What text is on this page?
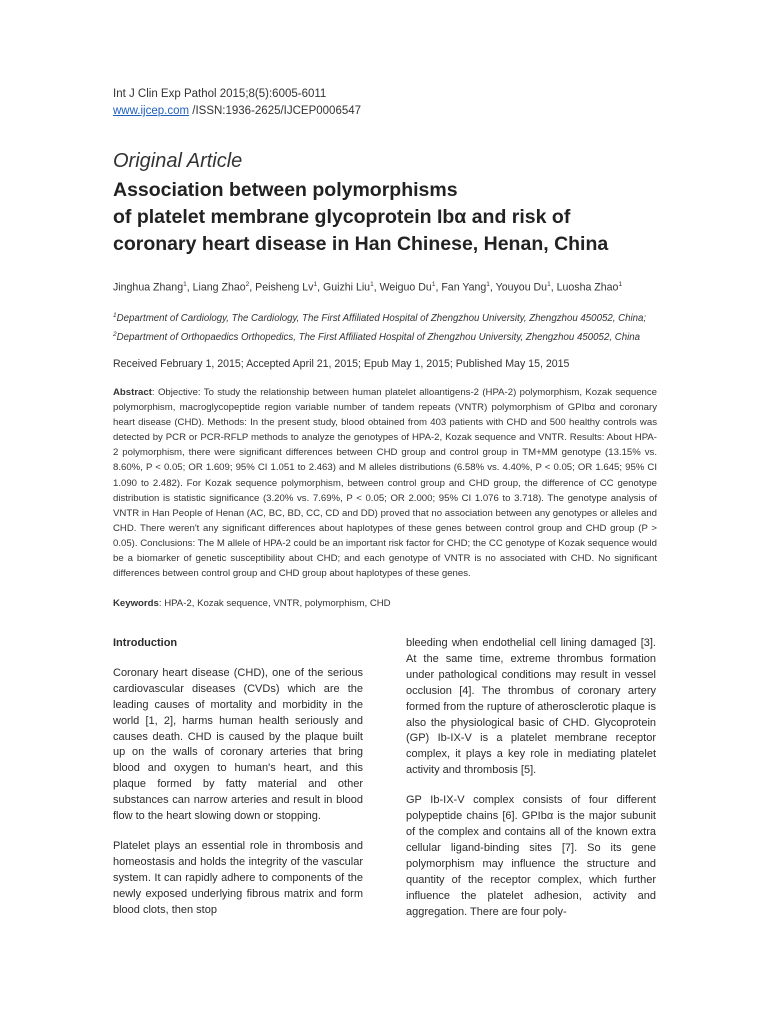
Int J Clin Exp Pathol 2015;8(5):6005-6011
www.ijcep.com /ISSN:1936-2625/IJCEP0006547
Original Article
Association between polymorphisms
of platelet membrane glycoprotein Ibα and risk of
coronary heart disease in Han Chinese, Henan, China
Jinghua Zhang$^1$, Liang Zhao$^2$, Peisheng Lv$^1$, Guizhi Liu$^1$, Weiguo Du$^1$, Fan Yang$^1$, Youyou Du$^1$, Luosha Zhao$^1$
$^1$Department of Cardiology, The Cardiology, The First Affiliated Hospital of Zhengzhou University, Zhengzhou 450052, China; $^2$Department of Orthopaedics Orthopedics, The First Affiliated Hospital of Zhengzhou University, Zhengzhou 450052, China
Received February 1, 2015; Accepted April 21, 2015; Epub May 1, 2015; Published May 15, 2015
Abstract: Objective: To study the relationship between human platelet alloantigens-2 (HPA-2) polymorphism, Kozak sequence polymorphism, macroglycopeptide region variable number of tandem repeats (VNTR) polymorphism of GPIbα and coronary heart disease (CHD). Methods: In the present study, blood obtained from 403 patients with CHD and 500 healthy controls was detected by PCR or PCR-RFLP methods to analyze the genotypes of HPA-2, Kozak sequence and VNTR. Results: About HPA-2 polymorphism, there were significant differences between CHD group and control group in TM+MM genotype (13.15% vs. 8.60%, P < 0.05; OR 1.609; 95% CI 1.051 to 2.463) and M alleles distributions (6.58% vs. 4.40%, P < 0.05; OR 1.645; 95% CI 1.090 to 2.482). For Kozak sequence polymorphism, between control group and CHD group, the difference of CC genotype distribution is statistic significance (3.20% vs. 7.69%, P < 0.05; OR 2.000; 95% CI 1.076 to 3.718). The genotype analysis of VNTR in Han People of Henan (AC, BC, BD, CC, CD and DD) proved that no association between any genotypes or alleles and CHD. There weren't any significant differences about haplotypes of these genes between control group and CHD group (P > 0.05). Conclusions: The M allele of HPA-2 could be an important risk factor for CHD; the CC genotype of Kozak sequence would be a biomarker of genetic susceptibility about CHD; and each genotype of VNTR is no associated with CHD. No significant differences between control group and CHD group about haplotypes of these genes.
Keywords: HPA-2, Kozak sequence, VNTR, polymorphism, CHD
Introduction

Coronary heart disease (CHD), one of the serious cardiovascular diseases (CVDs) which are the leading causes of mortality and morbidity in the world [1, 2], harms human health seriously and causes death. CHD is caused by the plaque built up on the walls of coronary arteries that bring blood and oxygen to human's heart, and this plaque formed by fatty material and other substances can narrow arteries and result in blood flow to the heart slowing down or stopping.

Platelet plays an essential role in thrombosis and homeostasis and holds the integrity of the vascular system. It can rapidly adhere to components of the newly exposed underlying fibrous matrix and form blood clots, then stop

bleeding when endothelial cell lining damaged [3]. At the same time, extreme thrombus formation under pathological conditions may result in vessel occlusion [4]. The thrombus of coronary artery formed from the rupture of atherosclerotic plaque is also the physiological basic of CHD. Glycoprotein (GP) Ib-IX-V is a platelet membrane receptor complex, it plays a key role in mediating platelet activity and thrombosis [5].

GP Ib-IX-V complex consists of four different polypeptide chains [6]. GPIbα is the major subunit of the complex and contains all of the known extra cellular ligand-binding sites [7]. So its gene polymorphism may influence the structure and quantity of the receptor complex, which further influence the platelet adhesion, activity and aggregation. There are four poly-
